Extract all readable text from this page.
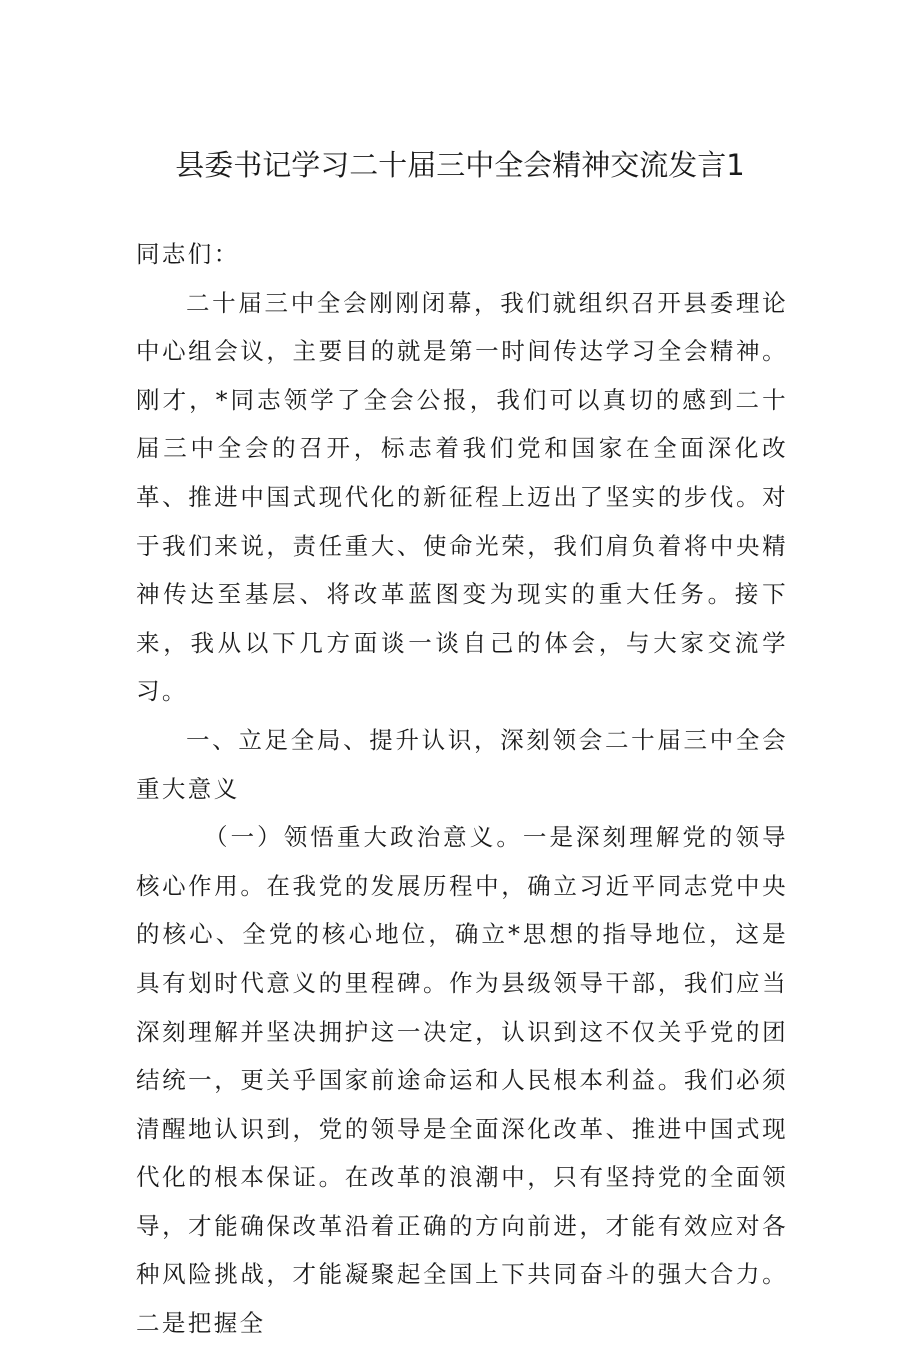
县委书记学习二十届三中全会精神交流发言1

同志们：

二十届三中全会刚刚闭幕，我们就组织召开县委理论中心组会议，主要目的就是第一时间传达学习全会精神。刚才，*同志领学了全会公报，我们可以真切的感到二十届三中全会的召开，标志着我们党和国家在全面深化改革、推进中国式现代化的新征程上迈出了坚实的步伐。对于我们来说，责任重大、使命光荣，我们肩负着将中央精神传达至基层、将改革蓝图变为现实的重大任务。接下来，我从以下几方面谈一谈自己的体会，与大家交流学习。

一、立足全局、提升认识，深刻领会二十届三中全会重大意义

（一）领悟重大政治意义。一是深刻理解党的领导核心作用。在我党的发展历程中，确立习近平同志党中央的核心、全党的核心地位，确立*思想的指导地位，这是具有划时代意义的里程碑。作为县级领导干部，我们应当深刻理解并坚决拥护这一决定，认识到这不仅关乎党的团结统一，更关乎国家前途命运和人民根本利益。我们必须清醒地认识到，党的领导是全面深化改革、推进中国式现代化的根本保证。在改革的浪潮中，只有坚持党的全面领导，才能确保改革沿着正确的方向前进，才能有效应对各种风险挑战，才能凝聚起全国上下共同奋斗的强大合力。二是把握全
